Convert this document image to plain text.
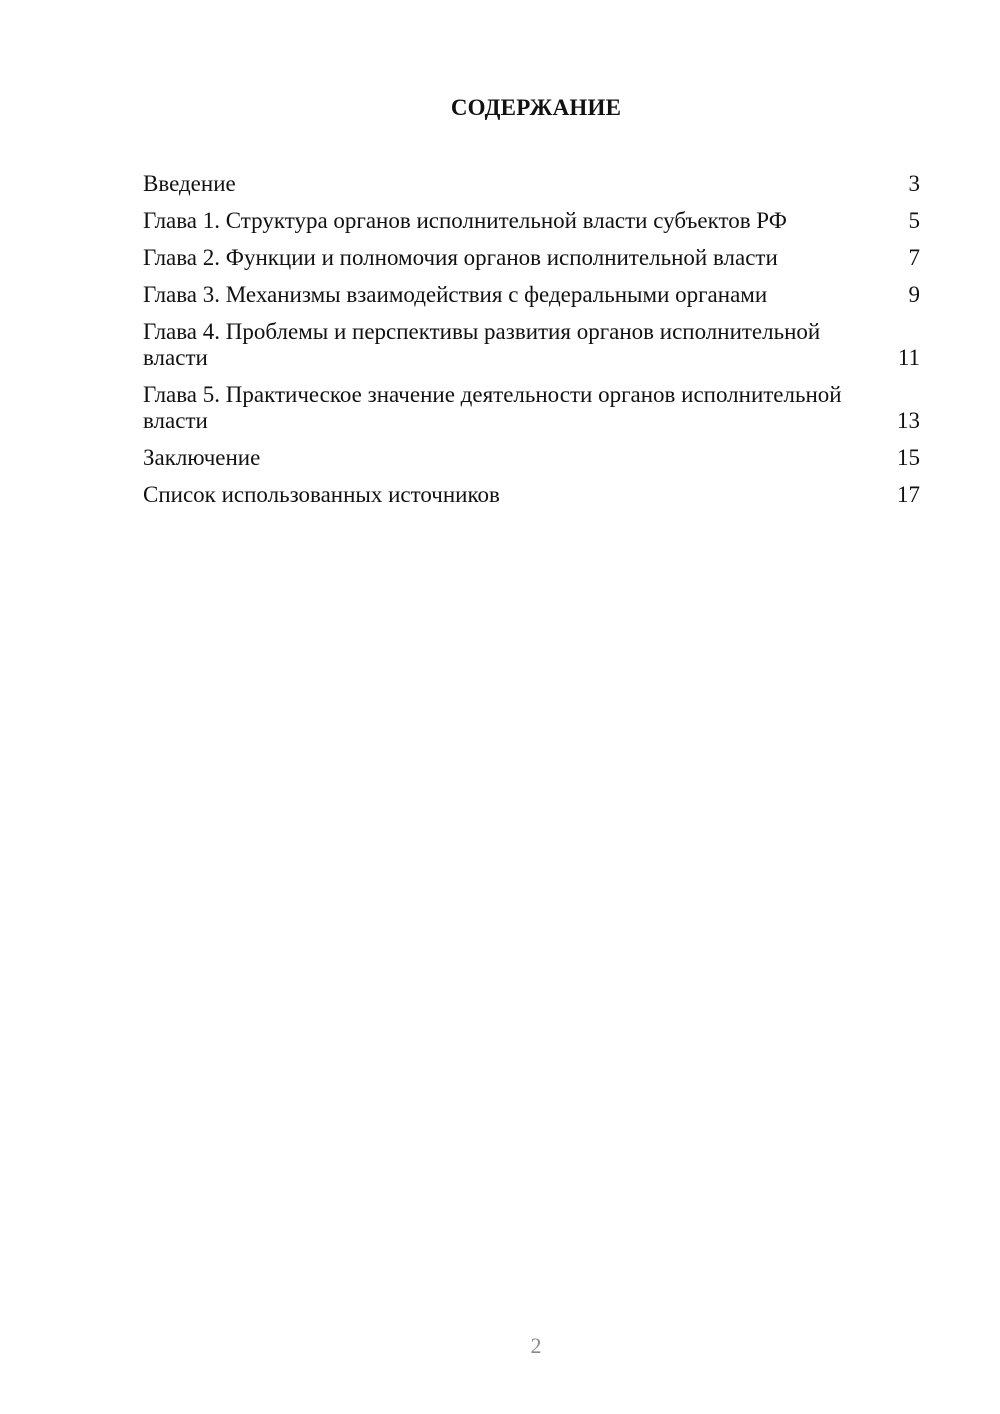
СОДЕРЖАНИЕ
Введение	3
Глава 1. Структура органов исполнительной власти субъектов РФ	5
Глава 2. Функции и полномочия органов исполнительной власти	7
Глава 3. Механизмы взаимодействия с федеральными органами	9
Глава 4. Проблемы и перспективы развития органов исполнительной власти	11
Глава 5. Практическое значение деятельности органов исполнительной власти	13
Заключение	15
Список использованных источников	17
2
